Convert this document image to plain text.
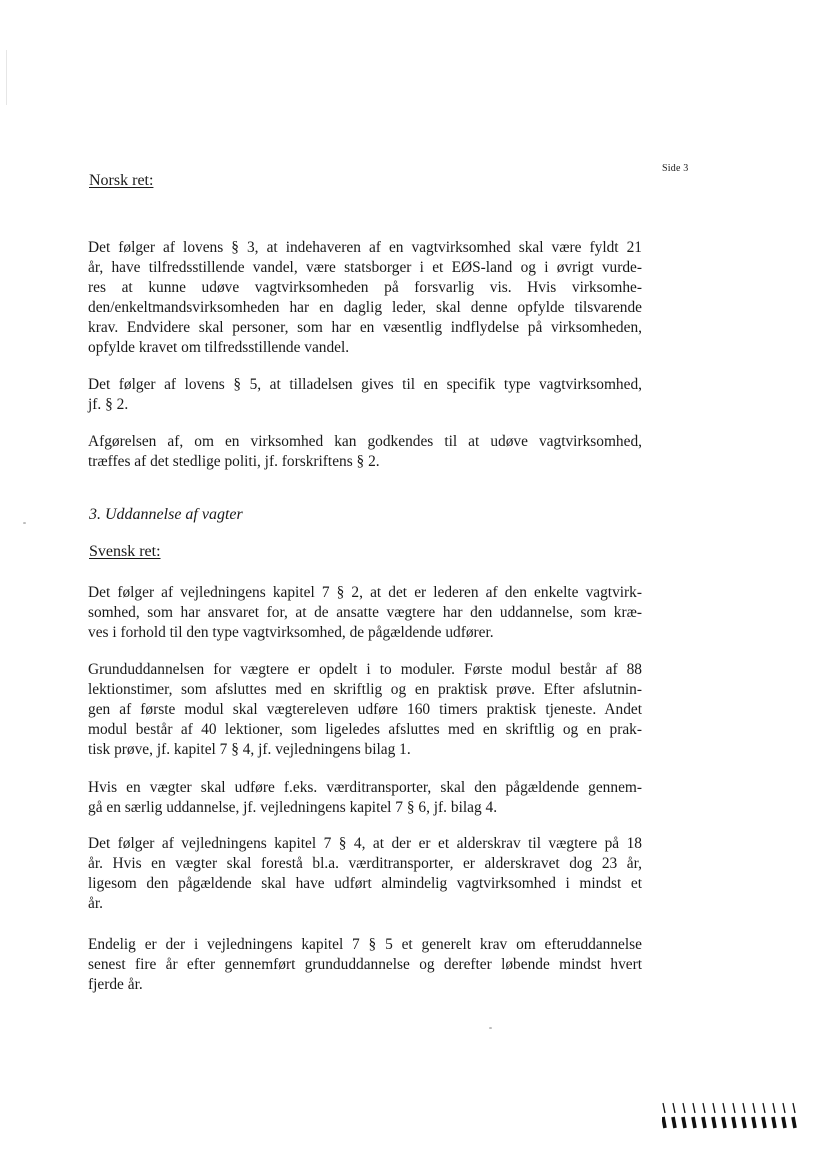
Side 3
Norsk ret:
Det følger af lovens § 3, at indehaveren af en vagtvirksomhed skal være fyldt 21
år, have tilfredsstillende vandel, være statsborger i et EØS-land og i øvrigt vurde-
res at kunne udøve vagtvirksomheden på forsvarlig vis. Hvis virksomhe-
den/enkeltmandsvirksomheden har en daglig leder, skal denne opfylde tilsvarende
krav. Endvidere skal personer, som har en væsentlig indflydelse på virksomheden,
opfylde kravet om tilfredsstillende vandel.
Det følger af lovens § 5, at tilladelsen gives til en specifik type vagtvirksomhed,
jf. § 2.
Afgørelsen af, om en virksomhed kan godkendes til at udøve vagtvirksomhed,
træffes af det stedlige politi, jf. forskriftens § 2.
3. Uddannelse af vagter
Svensk ret:
Det følger af vejledningens kapitel 7 § 2, at det er lederen af den enkelte vagtvirk-
somhed, som har ansvaret for, at de ansatte vægtere har den uddannelse, som kræ-
ves i forhold til den type vagtvirksomhed, de pågældende udfører.
Grunduddannelsen for vægtere er opdelt i to moduler. Første modul består af 88
lektionstimer, som afsluttes med en skriftlig og en praktisk prøve. Efter afslutnin-
gen af første modul skal vægtereleven udføre 160 timers praktisk tjeneste. Andet
modul består af 40 lektioner, som ligeledes afsluttes med en skriftlig og en prak-
tisk prøve, jf. kapitel 7 § 4, jf. vejledningens bilag 1.
Hvis en vægter skal udføre f.eks. værditransporter, skal den pågældende gennem-
gå en særlig uddannelse, jf. vejledningens kapitel 7 § 6, jf. bilag 4.
Det følger af vejledningens kapitel 7 § 4, at der er et alderskrav til vægtere på 18
år. Hvis en vægter skal forestå bl.a. værditransporter, er alderskravet dog 23 år,
ligesom den pågældende skal have udført almindelig vagtvirksomhed i mindst et
år.
Endelig er der i vejledningens kapitel 7 § 5 et generelt krav om efteruddannelse
senest fire år efter gennemført grunduddannelse og derefter løbende mindst hvert
fjerde år.
